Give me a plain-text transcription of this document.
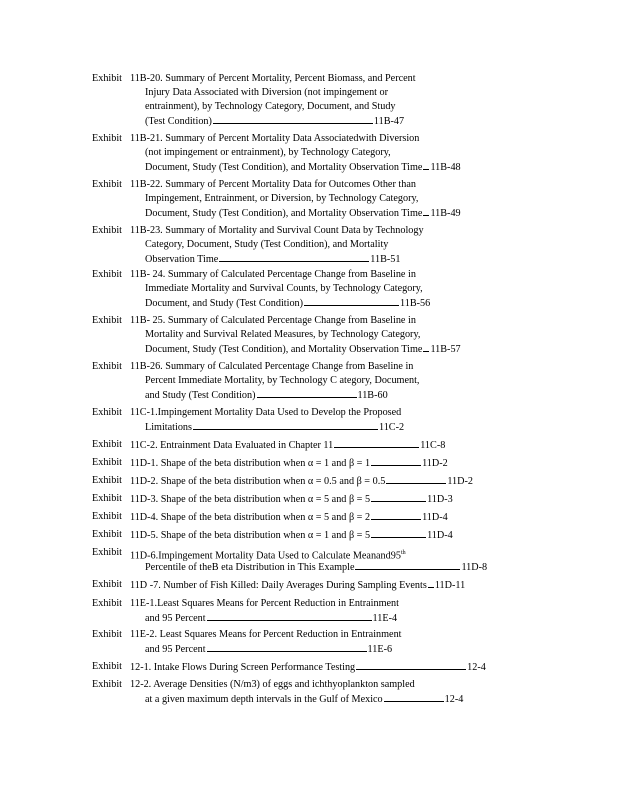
Exhibit 11B-20. Summary of Percent Mortality, Percent Biomass, and Percent
Injury Data Associated with Diversion (not impingement or
entrainment), by Technology Category, Document, and Study
(Test Condition)	11B-47
Exhibit 11B-21. Summary of Percent Mortality Data Associatedwith Diversion
(not impingement or entrainment), by Technology Category,
Document, Study (Test Condition), and Mortality Observation Time 11B-48
Exhibit 11B-22. Summary of Percent Mortality Data for Outcomes Other than
Impingement, Entrainment, or Diversion, by Technology Category,
Document, Study (Test Condition), and Mortality Observation Time 11B-49
Exhibit 11B-23. Summary of Mortality and Survival Count Data by Technology
Category, Document, Study (Test Condition), and Mortality
Observation Time	11B-51
Exhibit 11B- 24. Summary of Calculated Percentage Change from Baseline in
Immediate Mortality and Survival Counts, by Technology Category,
Document, and Study (Test Condition)	11B-56
Exhibit 11B- 25. Summary of Calculated Percentage Change from Baseline in
Mortality and Survival Related Measures, by Technology Category,
Document, Study (Test Condition), and Mortality Observation Time 11B-57
Exhibit 11B-26. Summary of Calculated Percentage Change from Baseline in
Percent Immediate Mortality, by Technology C ategory, Document,
and Study (Test Condition)	11B-60
Exhibit 11C-1.Impingement Mortality Data Used to Develop the Proposed
Limitations	11C-2
Exhibit 11C-2. Entrainment Data Evaluated in Chapter 11	11C-8
Exhibit 11D-1. Shape of the beta distribution when α = 1 and β = 1	11D-2
Exhibit 11D-2. Shape of the beta distribution when α = 0.5 and β = 0.5	11D-2
Exhibit 11D-3. Shape of the beta distribution when α = 5 and β = 5	11D-3
Exhibit 11D-4. Shape of the beta distribution when α = 5 and β = 2	11D-4
Exhibit 11D-5. Shape of the beta distribution when α = 1 and β = 5	11D-4
Exhibit 11D-6.Impingement Mortality Data Used to Calculate Meanand95th
Percentile of theB eta Distribution in This Example	11D-8
Exhibit 11D -7. Number of Fish Killed: Daily Averages During Sampling Events 11D-11
Exhibit 11E-1.Least Squares Means for Percent Reduction in Entrainment
and 95 Percent	11E-4
Exhibit 11E-2. Least Squares Means for Percent Reduction in Entrainment
and 95 Percent	11E-6
Exhibit 12-1. Intake Flows During Screen Performance Testing	12-4
Exhibit 12-2. Average Densities (N/m3) of eggs and ichthyoplankton sampled
at a given maximum depth intervals in the Gulf of Mexico	12-4
